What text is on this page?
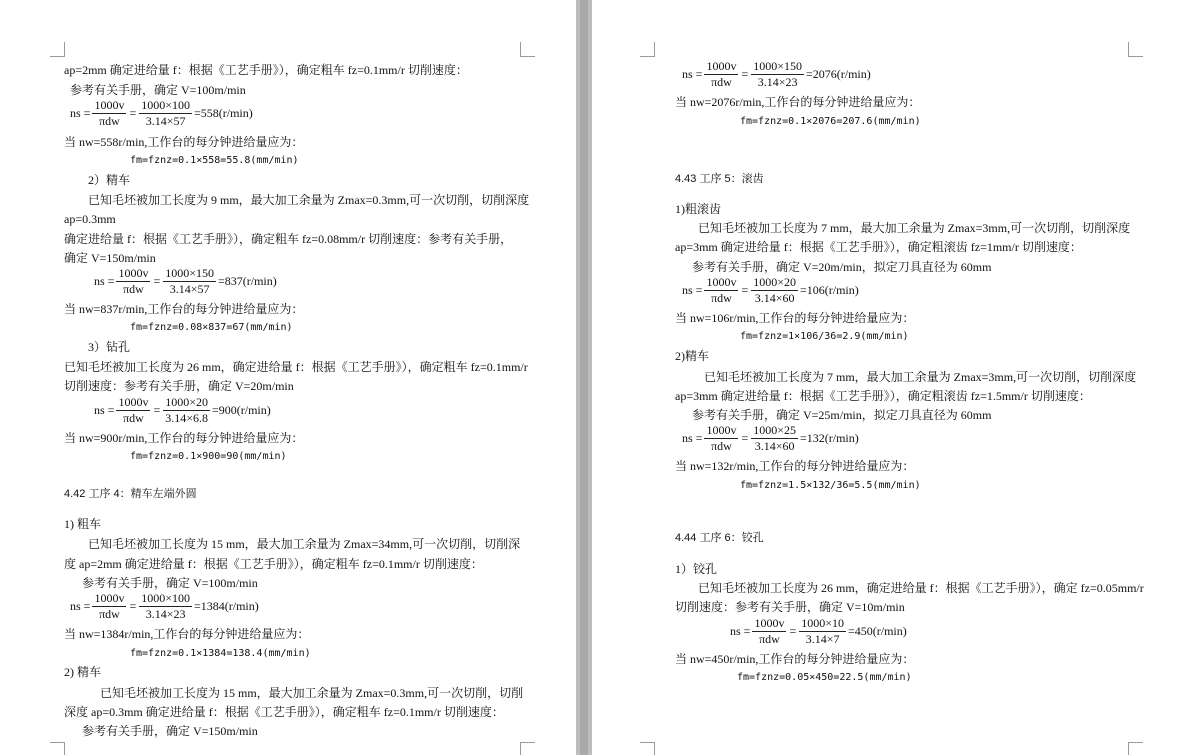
ap=2mm 确定进给量 f：根据《工艺手册》），确定粗车 fz=0.1mm/r 切削速度：
参考有关手册，确定 V=100m/min
ns = $\frac{1000v}{\text{πdw}} = \frac{1000\times 100}{3.14\times 57} =558(r/\min)$
当 nw=558r/min,工作台的每分钟进给量应为：
fm=fznz=0.1×558=55.8(mm/min)
2）精车
已知毛坯被加工长度为 9 mm，最大加工余量为 Zmax=0.3mm,可一次切削，切削深度
ap=0.3mm
确定进给量 f：根据《工艺手册》），确定粗车 fz=0.08mm/r 切削速度：参考有关手册，
确定 V=150m/min
ns = $\frac{1000v}{\text{πdw}} = \frac{1000\times 150}{3.14\times 57} =837(r/\min)$
当 nw=837r/min,工作台的每分钟进给量应为：
fm=fznz=0.08×837=67(mm/min)
3）钻孔
已知毛坯被加工长度为 26 mm，确定进给量 f：根据《工艺手册》），确定粗车 fz=0.1mm/r
切削速度：参考有关手册，确定 V=20m/min
ns = $\frac{1000v}{\text{πdw}} = \frac{1000\times 20}{3.14\times 6.8} =900(r/\min)$
当 nw=900r/min,工作台的每分钟进给量应为：
fm=fznz=0.1×900=90(mm/min)
4.42 工序 4：精车左端外圆
1) 粗车
已知毛坯被加工长度为 15 mm，最大加工余量为 Zmax=34mm,可一次切削，切削深
度 ap=2mm 确定进给量 f：根据《工艺手册》），确定粗车 fz=0.1mm/r 切削速度：
参考有关手册，确定 V=100m/min
ns = $\frac{1000v}{\text{πdw}} = \frac{1000\times 100}{3.14\times 23} =1384(r/\min)$
当 nw=1384r/min,工作台的每分钟进给量应为：
fm=fznz=0.1×1384=138.4(mm/min)
2) 精车
已知毛坯被加工长度为 15 mm，最大加工余量为 Zmax=0.3mm,可一次切削，切削
深度 ap=0.3mm 确定进给量 f：根据《工艺手册》），确定粗车 fz=0.1mm/r 切削速度：
参考有关手册，确定 V=150m/min
ns = $\frac{1000v}{\text{πdw}} = \frac{1000\times 150}{3.14\times 23} =2076(r/\min)$
当 nw=2076r/min,工作台的每分钟进给量应为：
fm=fznz=0.1×2076=207.6(mm/min)
4.43 工序 5：滚齿
1)粗滚齿
已知毛坯被加工长度为 7 mm，最大加工余量为 Zmax=3mm,可一次切削，切削深度
ap=3mm 确定进给量 f：根据《工艺手册》），确定粗滚齿 fz=1mm/r 切削速度：
参考有关手册，确定 V=20m/min，拟定刀具直径为 60mm
ns = $\frac{1000v}{\text{πdw}} = \frac{1000\times 20}{3.14\times 60} =106(r/\min)$
当 nw=106r/min,工作台的每分钟进给量应为：
fm=fznz=1×106/36=2.9(mm/min)
2)精车
已知毛坯被加工长度为 7 mm，最大加工余量为 Zmax=3mm,可一次切削，切削深度
ap=3mm 确定进给量 f：根据《工艺手册》），确定粗滚齿 fz=1.5mm/r 切削速度：
参考有关手册，确定 V=25m/min，拟定刀具直径为 60mm
ns = $\frac{1000v}{\text{πdw}} = \frac{1000\times 25}{3.14\times 60} =132(r/\min)$
当 nw=132r/min,工作台的每分钟进给量应为：
fm=fznz=1.5×132/36=5.5(mm/min)
4.44 工序 6：铰孔
1）铰孔
已知毛坯被加工长度为 26 mm，确定进给量 f：根据《工艺手册》），确定 fz=0.05mm/r
切削速度：参考有关手册，确定 V=10m/min
ns = $\frac{1000v}{\text{πdw}} = \frac{1000\times 10}{3.14\times 7} =450(r/\min)$
当 nw=450r/min,工作台的每分钟进给量应为：
fm=fznz=0.05×450=22.5(mm/min)
